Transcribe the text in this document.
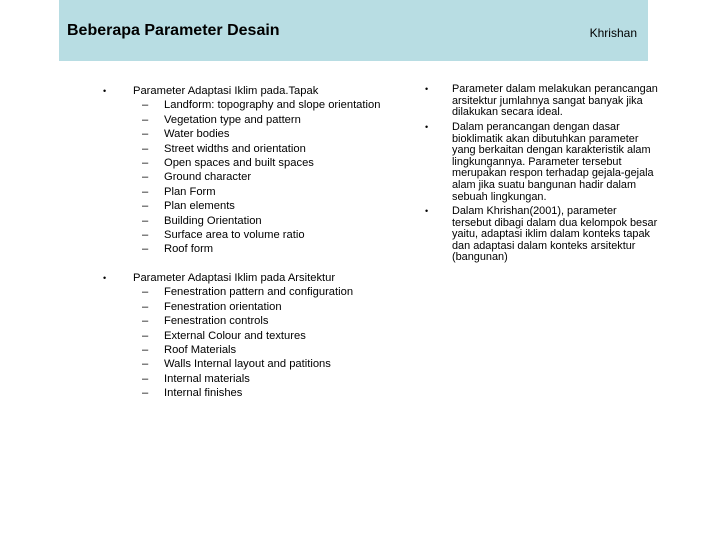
Beberapa Parameter Desain	Khrishan
• Parameter Adaptasi Iklim pada.Tapak
– Landform: topography and slope orientation
– Vegetation type and pattern
– Water bodies
– Street widths and orientation
– Open spaces and built spaces
– Ground character
– Plan Form
– Plan elements
– Building Orientation
– Surface area to volume ratio
– Roof form
• Parameter Adaptasi Iklim pada Arsitektur
– Fenestration pattern and configuration
– Fenestration orientation
– Fenestration controls
– External Colour and textures
– Roof Materials
– Walls Internal layout and patitions
– Internal materials
– Internal finishes
• Parameter dalam melakukan perancangan
arsitektur jumlahnya sangat banyak jika
dilakukan secara ideal.
• Dalam perancangan dengan dasar
bioklimatik akan dibutuhkan parameter
yang berkaitan dengan karakteristik alam
lingkungannya. Parameter tersebut
merupakan respon terhadap gejala-gejala
alam jika suatu bangunan hadir dalam
sebuah lingkungan.
• Dalam Khrishan(2001), parameter
tersebut dibagi dalam dua kelompok besar
yaitu, adaptasi iklim dalam konteks tapak
dan adaptasi dalam konteks arsitektur
(bangunan)
